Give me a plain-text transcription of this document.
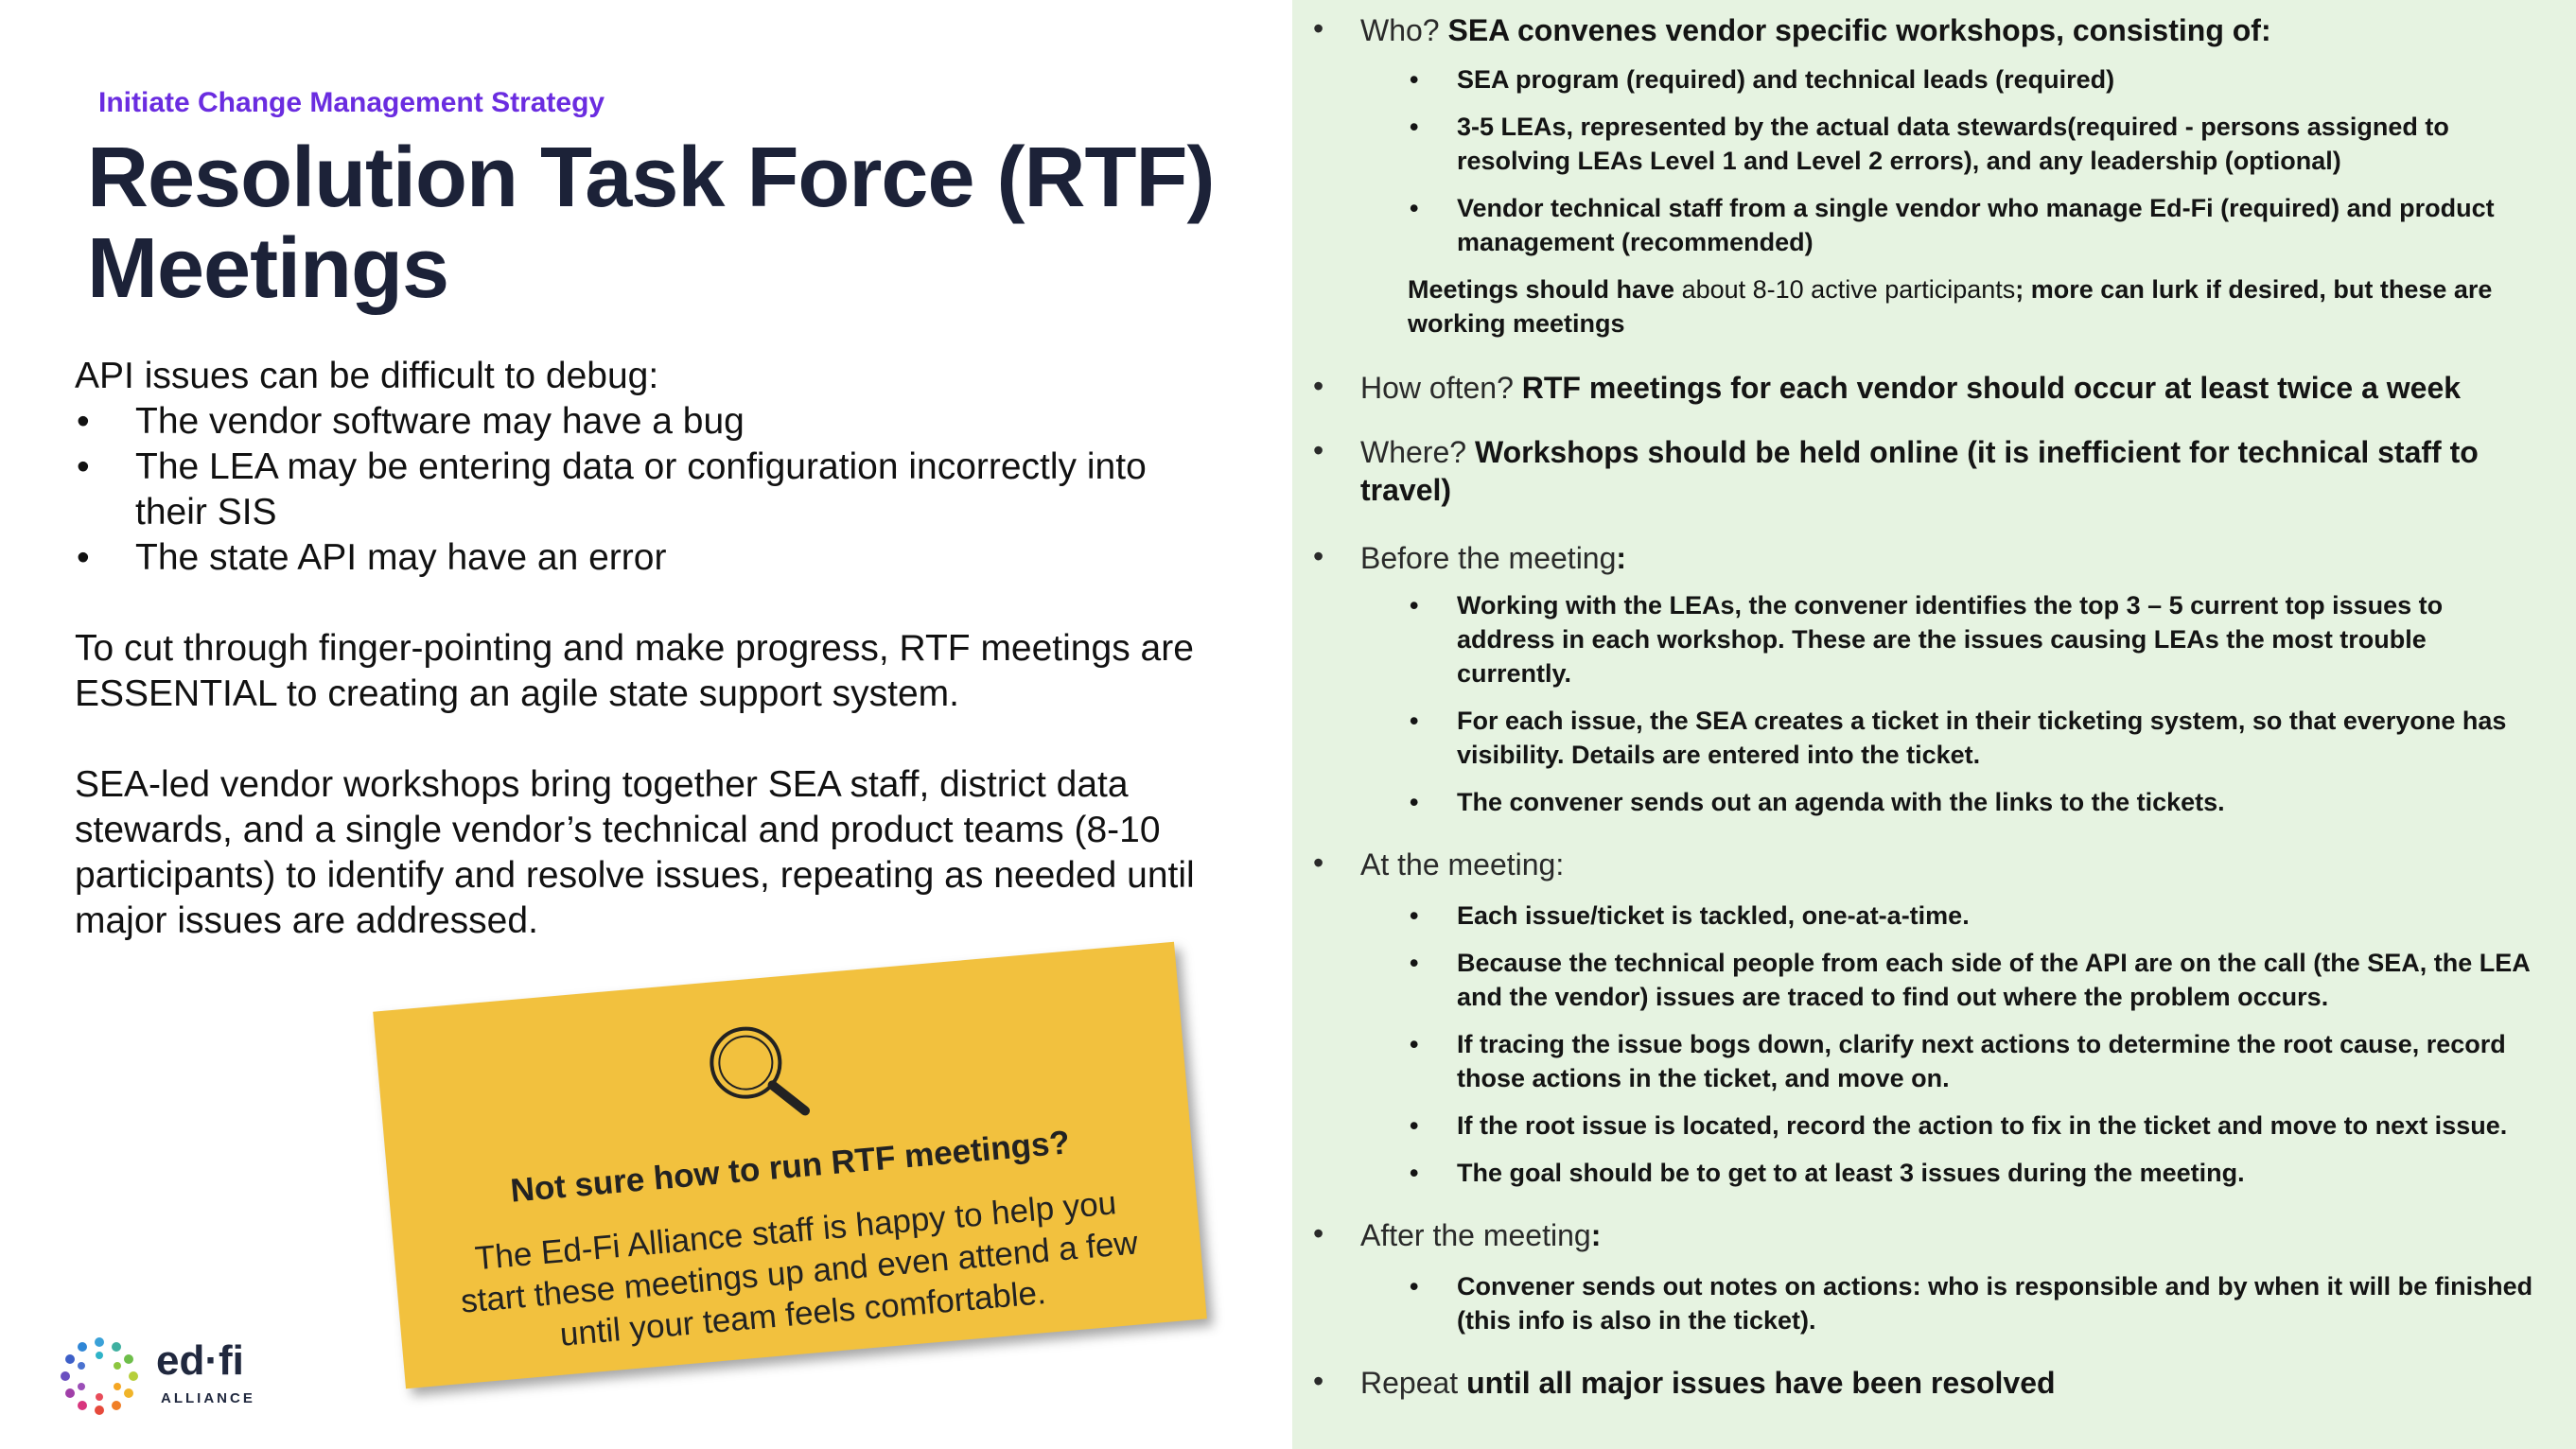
Initiate Change Management Strategy
Resolution Task Force (RTF)
Meetings

API issues can be difficult to debug:

• The vendor software may have a bug
• The LEA may be entering data or configuration incorrectly into their SIS
• The state API may have an error

To cut through finger-pointing and make progress, RTF meetings are ESSENTIAL to creating an agile state support system.

SEA-led vendor workshops bring together SEA staff, district data stewards, and a single vendor’s technical and product teams (8-10 participants) to identify and resolve issues, repeating as needed until major issues are addressed.

Not sure how to run RTF meetings?
The Ed-Fi Alliance staff is happy to help you start these meetings up and even attend a few until your team feels comfortable.
ed·fi
ALLIANCE
• Who? SEA convenes vendor specific workshops, consisting of:
• SEA program (required) and technical leads (required)
• 3-5 LEAs, represented by the actual data stewards(required - persons assigned to resolving LEAs Level 1 and Level 2 errors), and any leadership (optional)
• Vendor technical staff from a single vendor who manage Ed-Fi (required) and product management (recommended)
Meetings should have about 8-10 active participants; more can lurk if desired, but these are working meetings
• How often? RTF meetings for each vendor should occur at least twice a week
• Where? Workshops should be held online (it is inefficient for technical staff to travel)
• Before the meeting:
• Working with the LEAs, the convener identifies the top 3 – 5 current top issues to address in each workshop. These are the issues causing LEAs the most trouble currently.
• For each issue, the SEA creates a ticket in their ticketing system, so that everyone has visibility. Details are entered into the ticket.
• The convener sends out an agenda with the links to the tickets.
• At the meeting:
• Each issue/ticket is tackled, one-at-a-time.
• Because the technical people from each side of the API are on the call (the SEA, the LEA and the vendor) issues are traced to find out where the problem occurs.
• If tracing the issue bogs down, clarify next actions to determine the root cause, record those actions in the ticket, and move on.
• If the root issue is located, record the action to fix in the ticket and move to next issue.
• The goal should be to get to at least 3 issues during the meeting.
• After the meeting:
• Convener sends out notes on actions: who is responsible and by when it will be finished (this info is also in the ticket).
• Repeat until all major issues have been resolved
